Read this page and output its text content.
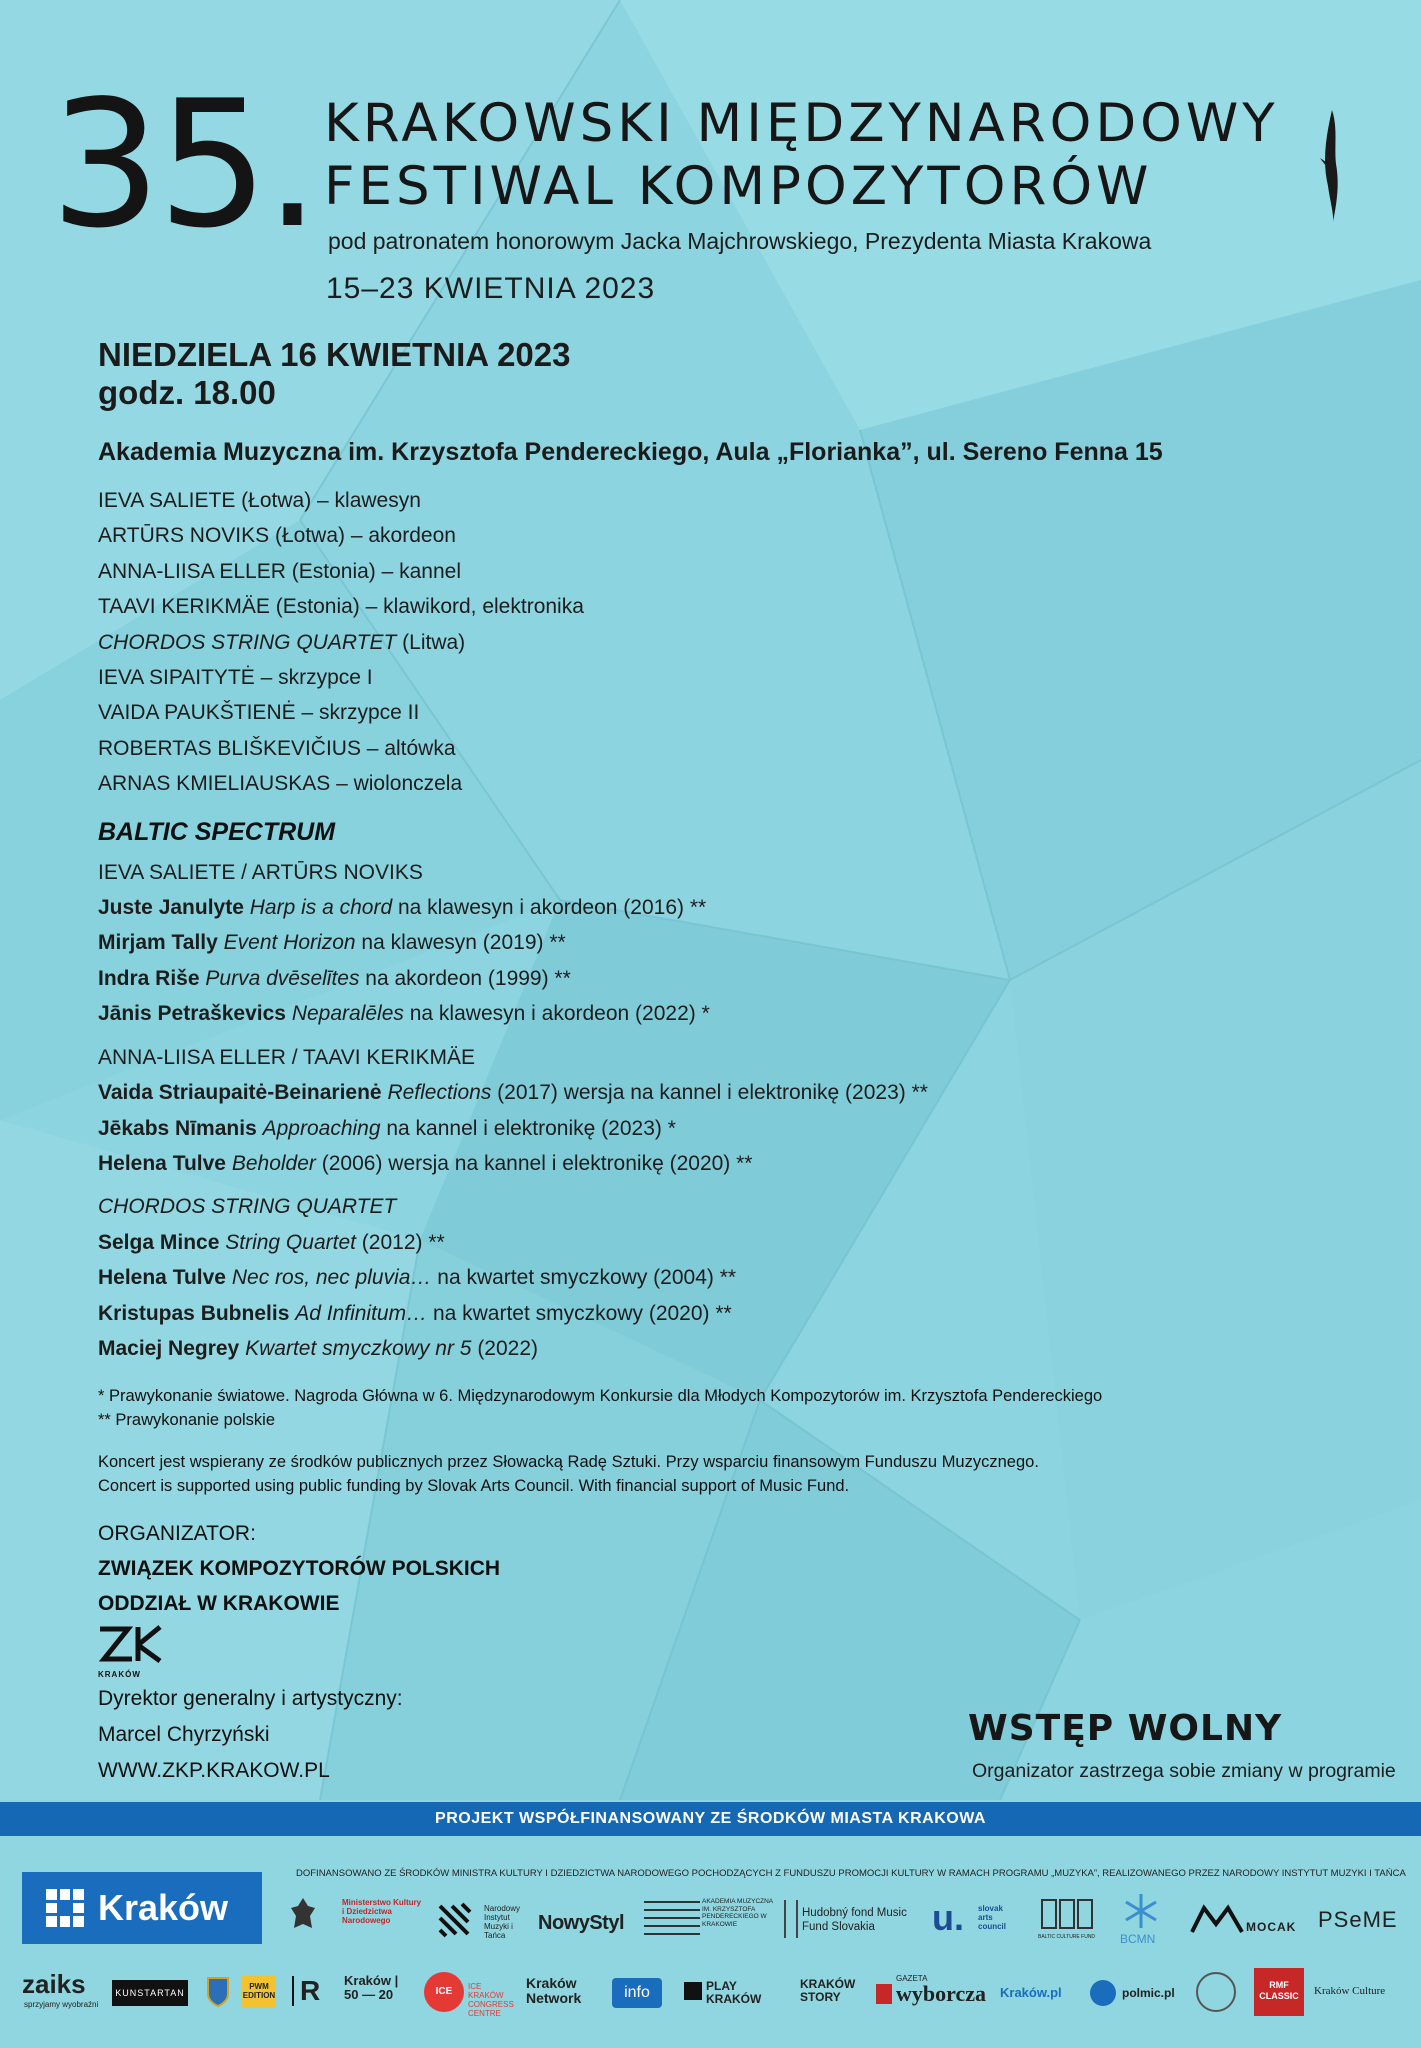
35. KRAKOWSKI MIĘDZYNARODOWY
FESTIWAL KOMPOZYTORÓW
pod patronatem honorowym Jacka Majchrowskiego, Prezydenta Miasta Krakowa
15–23 KWIETNIA 2023
NIEDZIELA 16 KWIETNIA 2023
godz. 18.00
Akademia Muzyczna im. Krzysztofa Pendereckiego, Aula „Florianka”, ul. Sereno Fenna 15
IEVA SALIETE (Łotwa) – klawesyn
ARTŪRS NOVIKS (Łotwa) – akordeon
ANNA-LIISA ELLER (Estonia) – kannel
TAAVI KERIKMÄE (Estonia) – klawikord, elektronika
CHORDOS STRING QUARTET (Litwa)
IEVA SIPAITYTĖ – skrzypce I
VAIDA PAUKŠTIENĖ – skrzypce II
ROBERTAS BLIŠKEVIČIUS – altówka
ARNAS KMIELIAUSKAS – wiolonczela
BALTIC SPECTRUM
IEVA SALIETE / ARTŪRS NOVIKS
Juste Janulyte Harp is a chord na klawesyn i akordeon (2016) **
Mirjam Tally Event Horizon na klawesyn (2019) **
Indra Riše Purva dvēselītes na akordeon (1999) **
Jānis Petraškevics Neparalēles na klawesyn i akordeon (2022) *
ANNA-LIISA ELLER / TAAVI KERIKMÄE
Vaida Striaupaitė-Beinarienė Reflections (2017) wersja na kannel i elektronikę (2023) **
Jēkabs Nīmanis Approaching na kannel i elektronikę (2023) *
Helena Tulve Beholder (2006) wersja na kannel i elektronikę (2020) **
CHORDOS STRING QUARTET
Selga Mince String Quartet (2012) **
Helena Tulve Nec ros, nec pluvia… na kwartet smyczkowy (2004) **
Kristupas Bubnelis Ad Infinitum… na kwartet smyczkowy (2020) **
Maciej Negrey Kwartet smyczkowy nr 5 (2022)
* Prawykonanie światowe. Nagroda Główna w 6. Międzynarodowym Konkursie dla Młodych Kompozytorów im. Krzysztofa Pendereckiego
** Prawykonanie polskie
Koncert jest wspierany ze środków publicznych przez Słowacką Radę Sztuki. Przy wsparciu finansowym Funduszu Muzycznego.
Concert is supported using public funding by Slovak Arts Council. With financial support of Music Fund.
ORGANIZATOR:
ZWIĄZEK KOMPOZYTORÓW POLSKICH
ODDZIAŁ W KRAKOWIE
KRAKÓW
Dyrektor generalny i artystyczny:
Marcel Chyrzyński
WWW.ZKP.KRAKOW.PL
WSTĘP WOLNY
Organizator zastrzega sobie zmiany w programie
PROJEKT WSPÓŁFINANSOWANY ZE ŚRODKÓW MIASTA KRAKOWA
DOFINANSOWANO ZE ŚRODKÓW MINISTRA KULTURY I DZIEDZICTWA NARODOWEGO POCHODZĄCYCH Z FUNDUSZU PROMOCJI KULTURY W RAMACH PROGRAMU „MUZYKA”, REALIZOWANEGO PRZEZ NARODOWY INSTYTUT MUZYKI I TAŃCA
Kraków	Ministerstwo Kultury i Dziedzictwa Narodowego
Narodowy Instytut Muzyki i Tańca
NowyStyl
AKADEMIA MUZYCZNA IM. KRZYSZTOFA PENDERECKIEGO W KRAKOWIE
Hudobný fond Music Fund Slovakia	u. slovak arts council
BALTIC CULTURE FUND BCMN
MOCAK PSeME
zaiks
sprzyjamy wyobraźni
KUNSTARTAN
PWM EDITION R Kraków | 50 — 20	ICE	ICE KRAKÓW CONGRESS CENTRE
Kraków Network	info	PLAY KRAKÓW
KRAKÓW STORY
GAZETA
wyborcza Kraków.pl	polmic.pl
RMF CLASSIC	Kraków Culture
